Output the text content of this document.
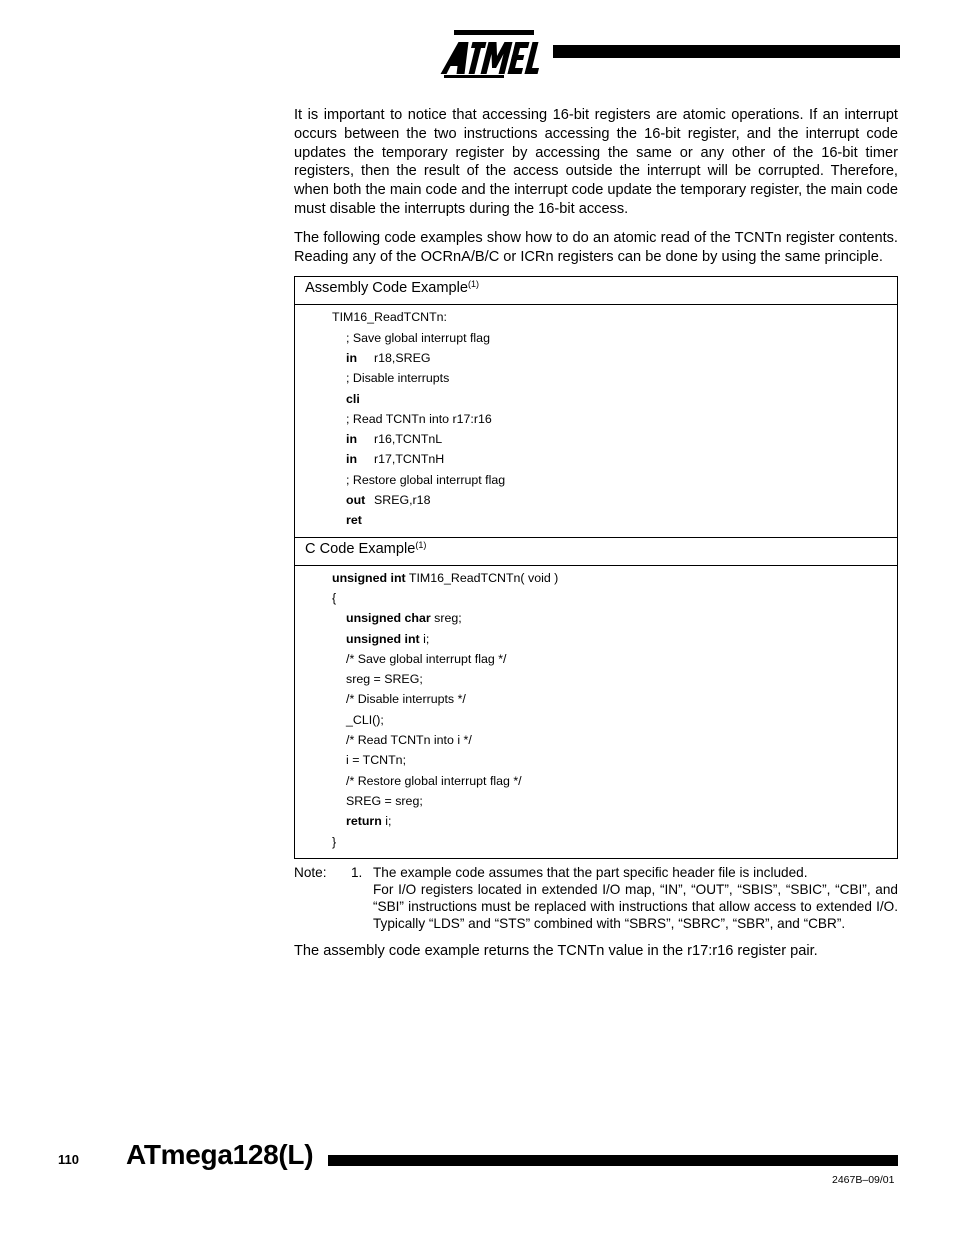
It is important to notice that accessing 16-bit registers are atomic operations. If an interrupt occurs between the two instructions accessing the 16-bit register, and the interrupt code updates the temporary register by accessing the same or any other of the 16-bit timer registers, then the result of the access outside the interrupt will be corrupted. Therefore, when both the main code and the interrupt code update the temporary register, the main code must disable the interrupts during the 16-bit access.

The following code examples show how to do an atomic read of the TCNTn register contents. Reading any of the OCRnA/B/C or ICRn registers can be done by using the same principle.

Assembly Code Example$^{(1)}$
TIM16_ReadTCNTn:
; Save global interrupt flag
in r18,SREG
; Disable interrupts
cli
; Read TCNTn into r17:r16
in r16,TCNTnL
in r17,TCNTnH
; Restore global interrupt flag
out SREG,r18
ret
C Code Example$^{(1)}$
unsigned int TIM16_ReadTCNTn( void )
{
unsigned char sreg;
unsigned int i;
/* Save global interrupt flag */
sreg = SREG;
/* Disable interrupts */
_CLI();
/* Read TCNTn into i */
i = TCNTn;
/* Restore global interrupt flag */
SREG = sreg;
return i;
}
Note: 1. The example code assumes that the part specific header file is included.
For I/O registers located in extended I/O map, “IN”, “OUT”, “SBIS”, “SBIC”, “CBI”, and “SBI” instructions must be replaced with instructions that allow access to extended I/O. Typically “LDS” and “STS” combined with “SBRS”, “SBRC”, “SBR”, and “CBR”.

The assembly code example returns the TCNTn value in the r17:r16 register pair.

110 ATmega128(L)
2467B–09/01
